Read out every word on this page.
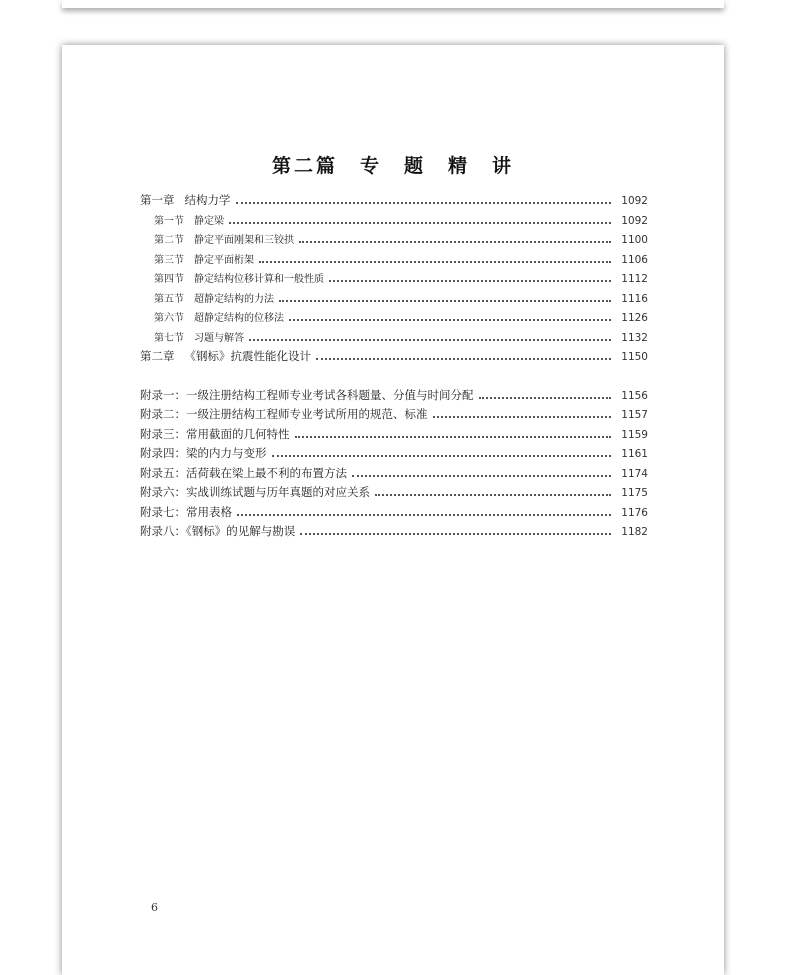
第二篇　专　题　精　讲
第一章 结构力学	1092
第一节 静定梁	1092
第二节 静定平面刚架和三铰拱	1100
第三节 静定平面桁架	1106
第四节 静定结构位移计算和一般性质	1112
第五节 超静定结构的力法	1116
第六节 超静定结构的位移法	1126
第七节 习题与解答	1132
第二章 《钢标》抗震性能化设计	1150
附录一：一级注册结构工程师专业考试各科题量、分值与时间分配	1156
附录二：一级注册结构工程师专业考试所用的规范、标准	1157
附录三：常用截面的几何特性	1159
附录四：梁的内力与变形	1161
附录五：活荷载在梁上最不利的布置方法	1174
附录六：实战训练试题与历年真题的对应关系	1175
附录七：常用表格	1176
附录八：《钢标》的见解与勘误	1182
6
